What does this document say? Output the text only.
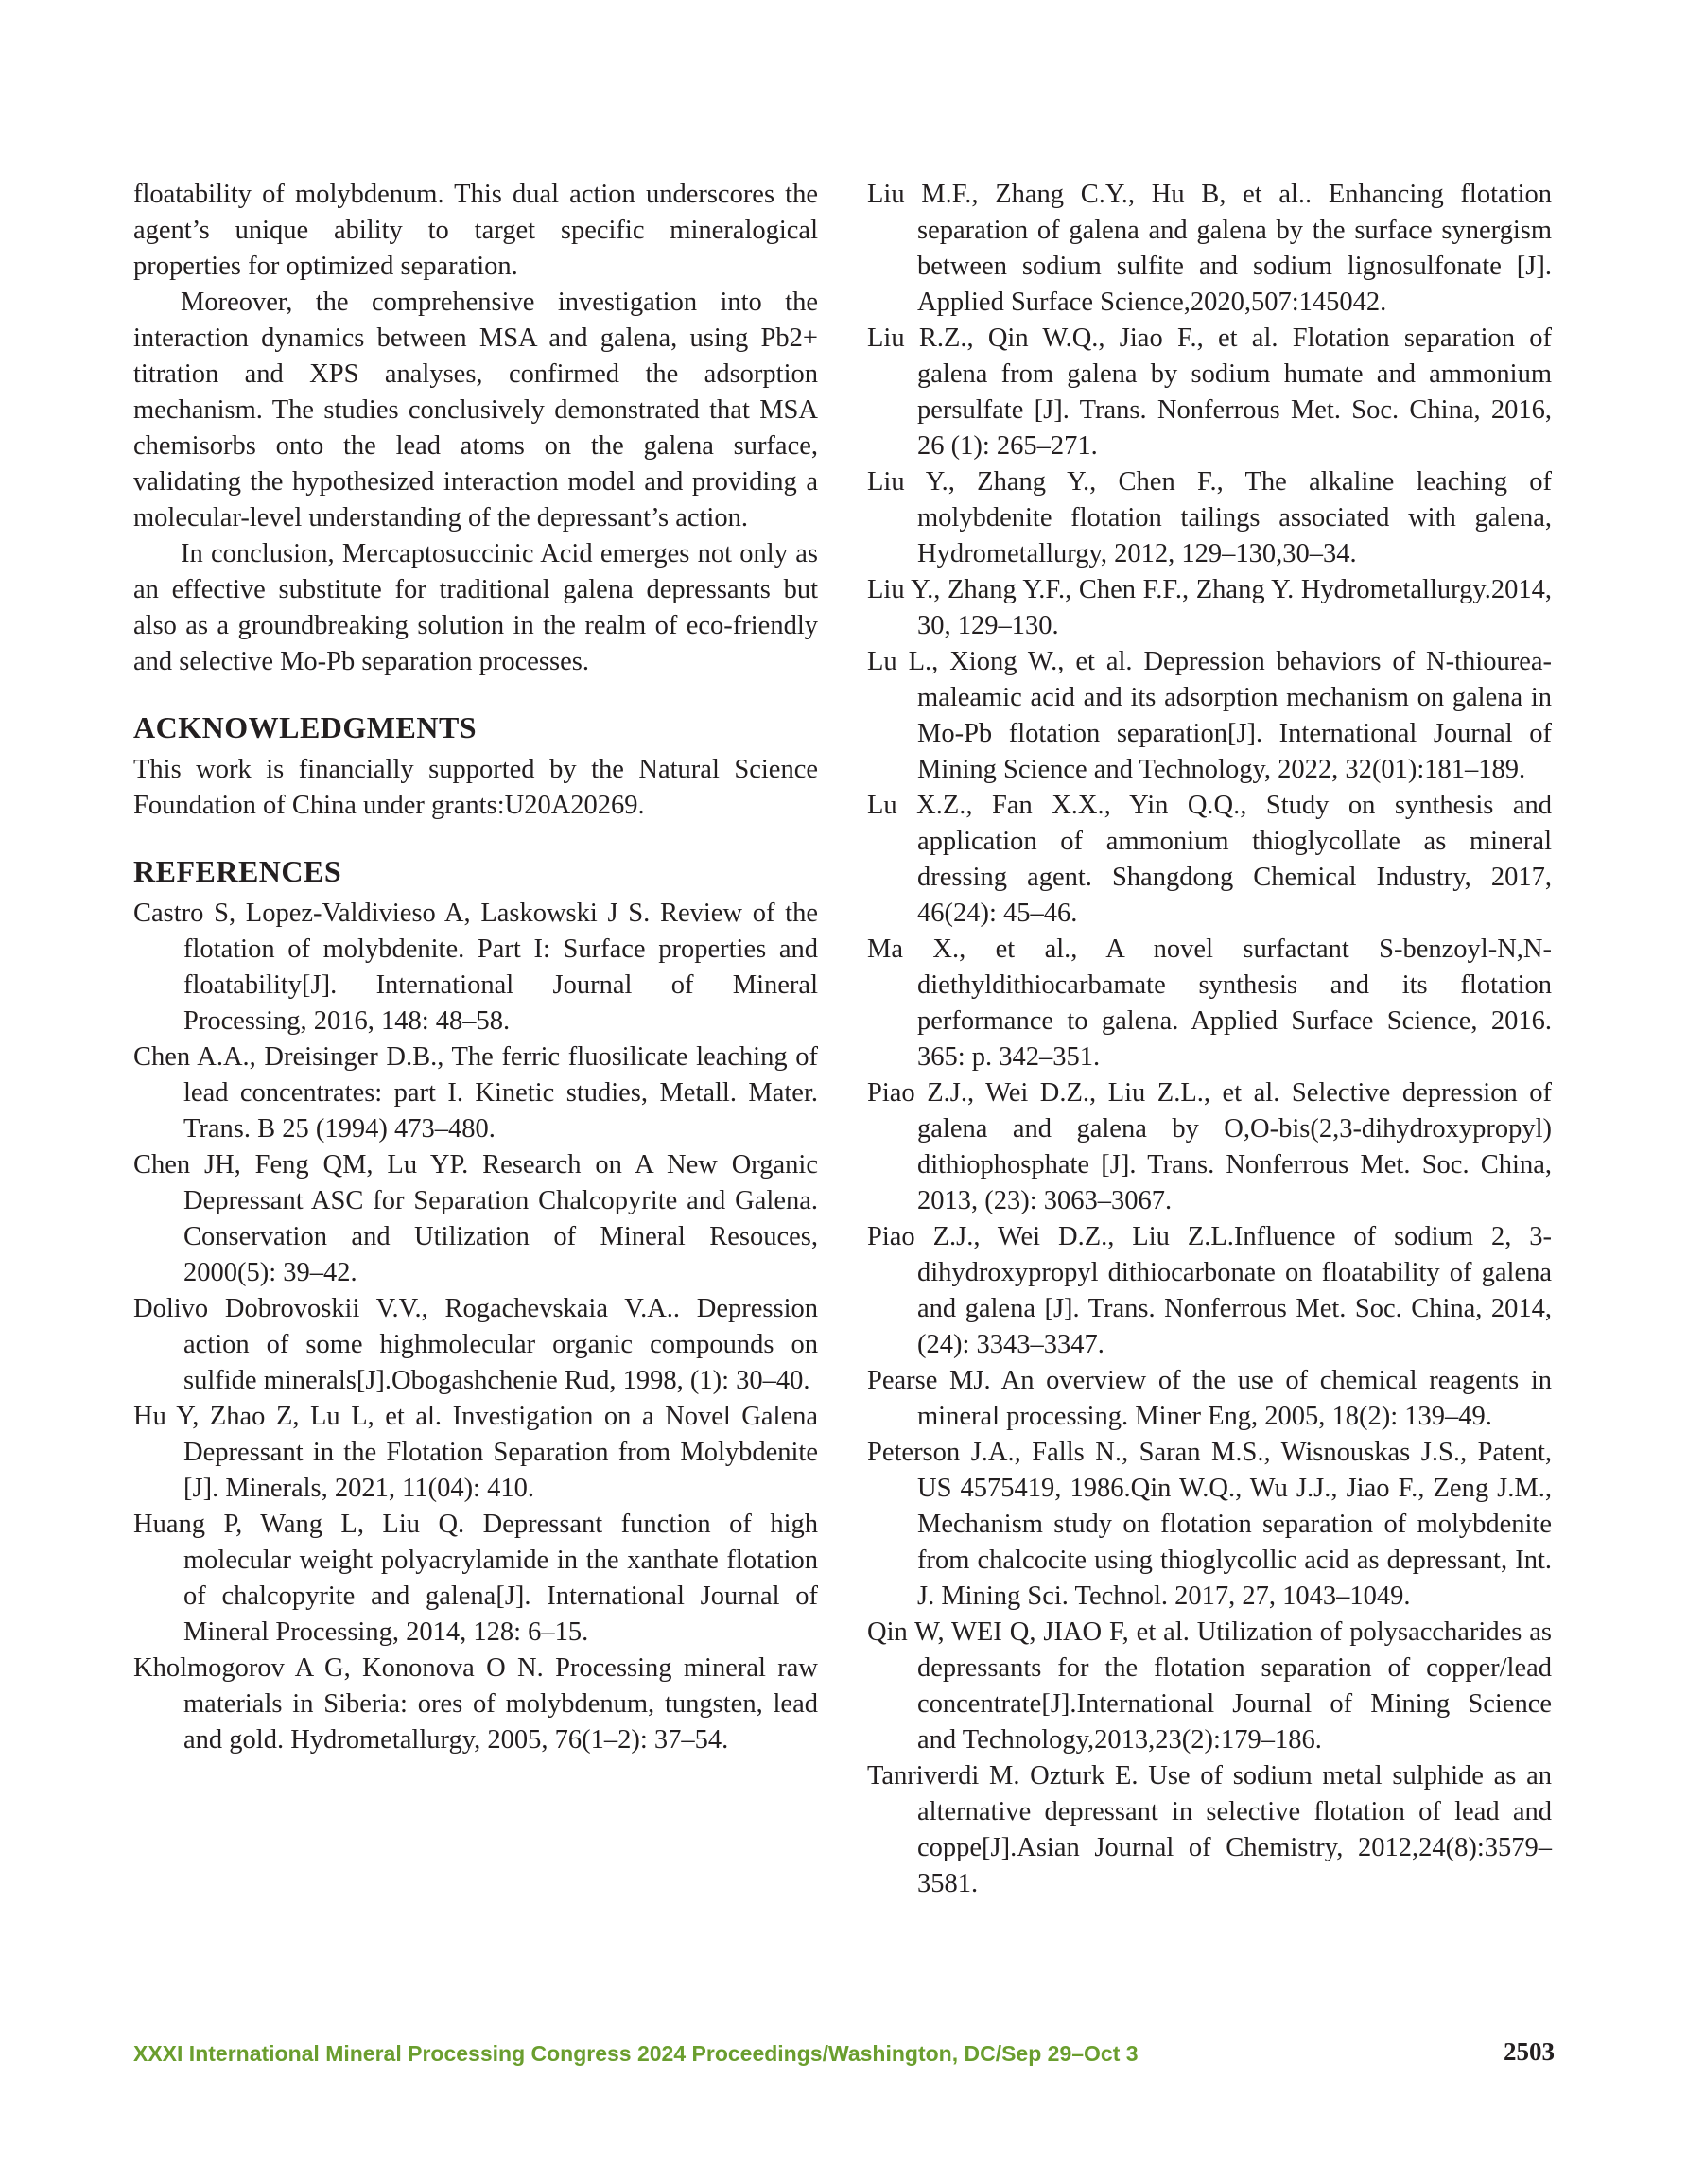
floatability of molybdenum. This dual action underscores the agent’s unique ability to target specific mineralogical properties for optimized separation.

Moreover, the comprehensive investigation into the interaction dynamics between MSA and galena, using Pb2+ titration and XPS analyses, confirmed the adsorption mechanism. The studies conclusively demonstrated that MSA chemisorbs onto the lead atoms on the galena surface, validating the hypothesized interaction model and providing a molecular-level understanding of the depressant’s action.

In conclusion, Mercaptosuccinic Acid emerges not only as an effective substitute for traditional galena depressants but also as a groundbreaking solution in the realm of eco-friendly and selective Mo-Pb separation processes.

ACKNOWLEDGMENTS

This work is financially supported by the Natural Science Foundation of China under grants:U20A20269.

REFERENCES

Castro S, Lopez-Valdivieso A, Laskowski J S. Review of the flotation of molybdenite. Part I: Surface properties and floatability[J]. International Journal of Mineral Processing, 2016, 148: 48–58.

Chen A.A., Dreisinger D.B., The ferric fluosilicate leaching of lead concentrates: part I. Kinetic studies, Metall. Mater. Trans. B 25 (1994) 473–480.

Chen JH, Feng QM, Lu YP. Research on A New Organic Depressant ASC for Separation Chalcopyrite and Galena. Conservation and Utilization of Mineral Resouces, 2000(5): 39–42.

Dolivo Dobrovoskii V.V., Rogachevskaia V.A.. Depression action of some highmolecular organic compounds on sulfide minerals[J].Obogashchenie Rud, 1998, (1): 30–40.

Hu Y, Zhao Z, Lu L, et al. Investigation on a Novel Galena Depressant in the Flotation Separation from Molybdenite [J]. Minerals, 2021, 11(04): 410.

Huang P, Wang L, Liu Q. Depressant function of high molecular weight polyacrylamide in the xanthate flotation of chalcopyrite and galena[J]. International Journal of Mineral Processing, 2014, 128: 6–15.

Kholmogorov A G, Kononova O N. Processing mineral raw materials in Siberia: ores of molybdenum, tungsten, lead and gold. Hydrometallurgy, 2005, 76(1–2): 37–54.

Liu M.F., Zhang C.Y., Hu B, et al.. Enhancing flotation separation of galena and galena by the surface synergism between sodium sulfite and sodium lignosulfonate [J]. Applied Surface Science,2020,507:145042.

Liu R.Z., Qin W.Q., Jiao F., et al. Flotation separation of galena from galena by sodium humate and ammonium persulfate [J]. Trans. Nonferrous Met. Soc. China, 2016, 26 (1): 265–271.

Liu Y., Zhang Y., Chen F., The alkaline leaching of molybdenite flotation tailings associated with galena, Hydrometallurgy, 2012, 129–130,30–34.

Liu Y., Zhang Y.F., Chen F.F., Zhang Y. Hydrometallurgy.2014, 30, 129–130.

Lu L., Xiong W., et al. Depression behaviors of N-thiourea-maleamic acid and its adsorption mechanism on galena in Mo-Pb flotation separation[J]. International Journal of Mining Science and Technology, 2022, 32(01):181–189.

Lu X.Z., Fan X.X., Yin Q.Q., Study on synthesis and application of ammonium thioglycollate as mineral dressing agent. Shangdong Chemical Industry, 2017, 46(24): 45–46.

Ma X., et al., A novel surfactant S-benzoyl-N,N-diethyldithiocarbamate synthesis and its flotation performance to galena. Applied Surface Science, 2016. 365: p. 342–351.

Piao Z.J., Wei D.Z., Liu Z.L., et al. Selective depression of galena and galena by O,O-bis(2,3-dihydroxypropyl) dithiophosphate [J]. Trans. Nonferrous Met. Soc. China, 2013, (23): 3063–3067.

Piao Z.J., Wei D.Z., Liu Z.L.Influence of sodium 2, 3-dihydroxypropyl dithiocarbonate on floatability of galena and galena [J]. Trans. Nonferrous Met. Soc. China, 2014, (24): 3343–3347.

Pearse MJ. An overview of the use of chemical reagents in mineral processing. Miner Eng, 2005, 18(2): 139–49.

Peterson J.A., Falls N., Saran M.S., Wisnouskas J.S., Patent, US 4575419, 1986.Qin W.Q., Wu J.J., Jiao F., Zeng J.M., Mechanism study on flotation separation of molybdenite from chalcocite using thioglycollic acid as depressant, Int. J. Mining Sci. Technol. 2017, 27, 1043–1049.

Qin W, WEI Q, JIAO F, et al. Utilization of polysaccharides as depressants for the flotation separation of copper/lead concentrate[J].International Journal of Mining Science and Technology,2013,23(2):179–186.

Tanriverdi M. Ozturk E. Use of sodium metal sulphide as an alternative depressant in selective flotation of lead and coppe[J].Asian Journal of Chemistry, 2012,24(8):3579–3581.

XXXI International Mineral Processing Congress 2024 Proceedings/Washington, DC/Sep 29–Oct 3	2503
